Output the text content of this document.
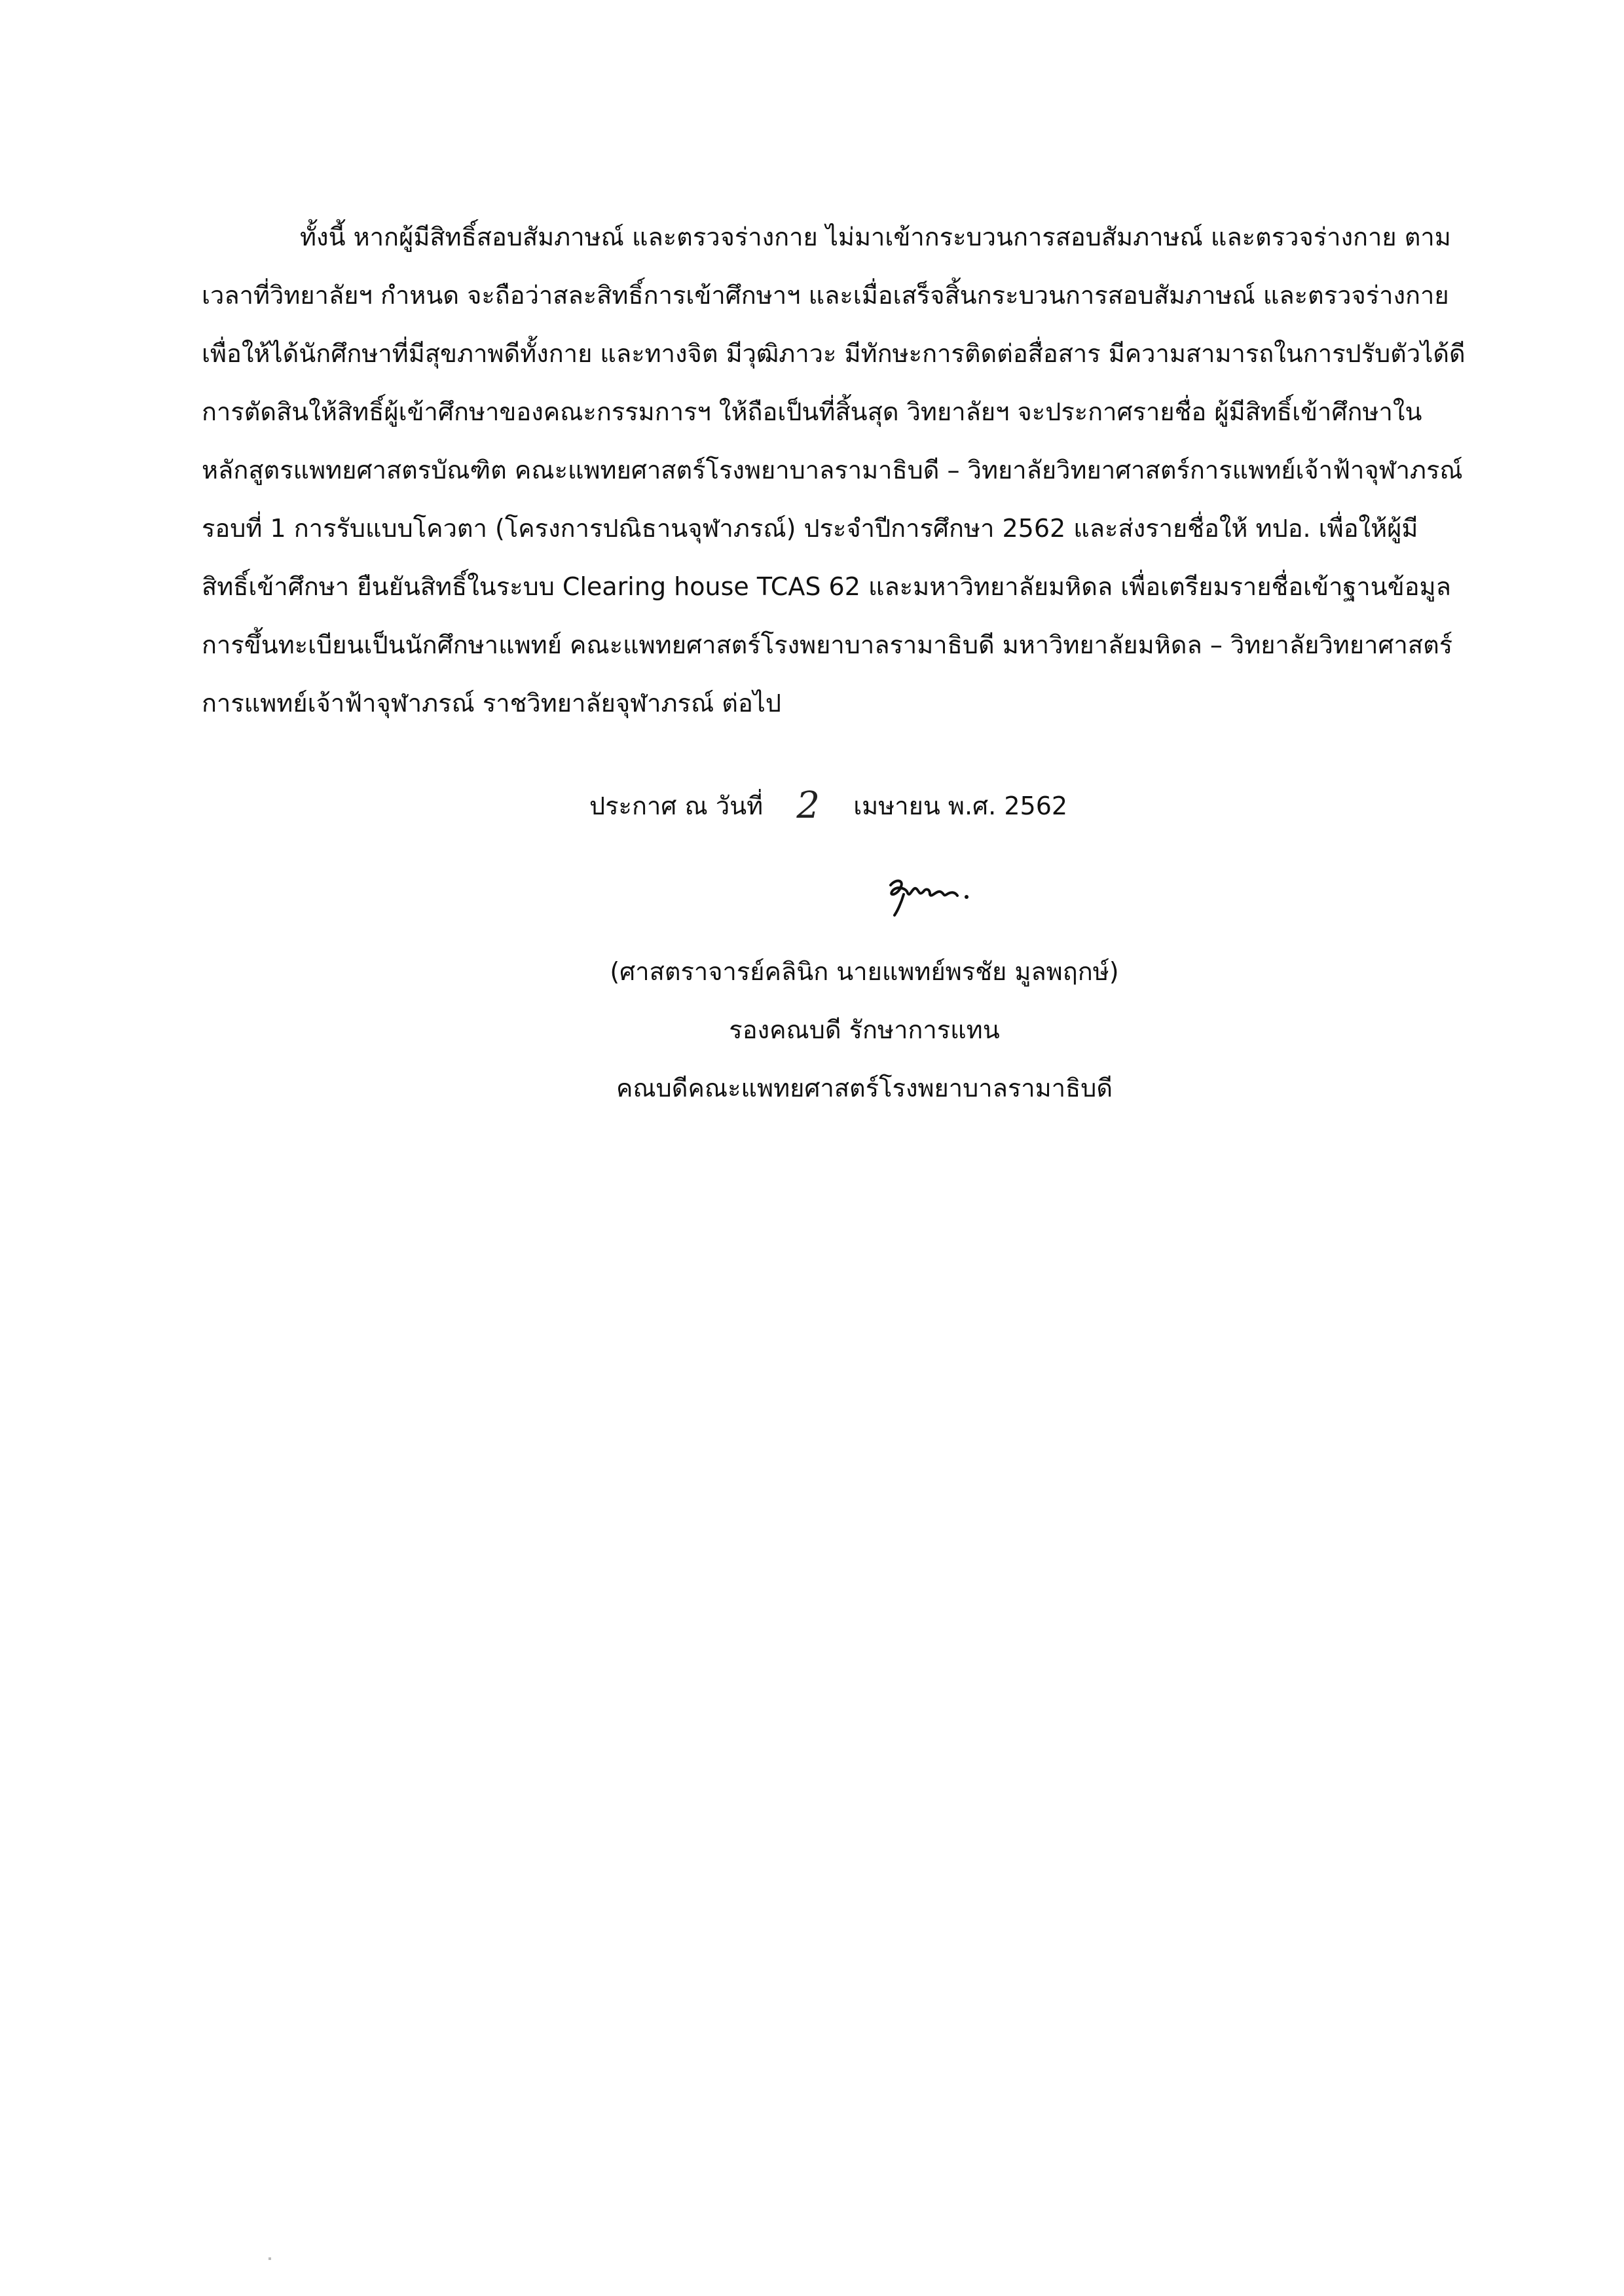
ทั้งนี้ หากผู้มีสิทธิ์สอบสัมภาษณ์ และตรวจร่างกาย ไม่มาเข้ากระบวนการสอบสัมภาษณ์ และตรวจร่างกาย ตาม
เวลาที่วิทยาลัยฯ กำหนด จะถือว่าสละสิทธิ์การเข้าศึกษาฯ และเมื่อเสร็จสิ้นกระบวนการสอบสัมภาษณ์ และตรวจร่างกาย
เพื่อให้ได้นักศึกษาที่มีสุขภาพดีทั้งกาย และทางจิต มีวุฒิภาวะ มีทักษะการติดต่อสื่อสาร มีความสามารถในการปรับตัวได้ดี
การตัดสินให้สิทธิ์ผู้เข้าศึกษาของคณะกรรมการฯ ให้ถือเป็นที่สิ้นสุด วิทยาลัยฯ จะประกาศรายชื่อ ผู้มีสิทธิ์เข้าศึกษาใน
หลักสูตรแพทยศาสตรบัณฑิต คณะแพทยศาสตร์โรงพยาบาลรามาธิบดี – วิทยาลัยวิทยาศาสตร์การแพทย์เจ้าฟ้าจุฬาภรณ์
รอบที่ 1 การรับแบบโควตา (โครงการปณิธานจุฬาภรณ์) ประจำปีการศึกษา 2562 และส่งรายชื่อให้ ทปอ. เพื่อให้ผู้มี
สิทธิ์เข้าศึกษา ยืนยันสิทธิ์ในระบบ Clearing house TCAS 62 และมหาวิทยาลัยมหิดล เพื่อเตรียมรายชื่อเข้าฐานข้อมูล
การขึ้นทะเบียนเป็นนักศึกษาแพทย์ คณะแพทยศาสตร์โรงพยาบาลรามาธิบดี มหาวิทยาลัยมหิดล – วิทยาลัยวิทยาศาสตร์
การแพทย์เจ้าฟ้าจุฬาภรณ์ ราชวิทยาลัยจุฬาภรณ์ ต่อไป
ประกาศ ณ วันที่ 2 เมษายน พ.ศ. 2562
(ศาสตราจารย์คลินิก นายแพทย์พรชัย มูลพฤกษ์)
รองคณบดี รักษาการแทน
คณบดีคณะแพทยศาสตร์โรงพยาบาลรามาธิบดี
